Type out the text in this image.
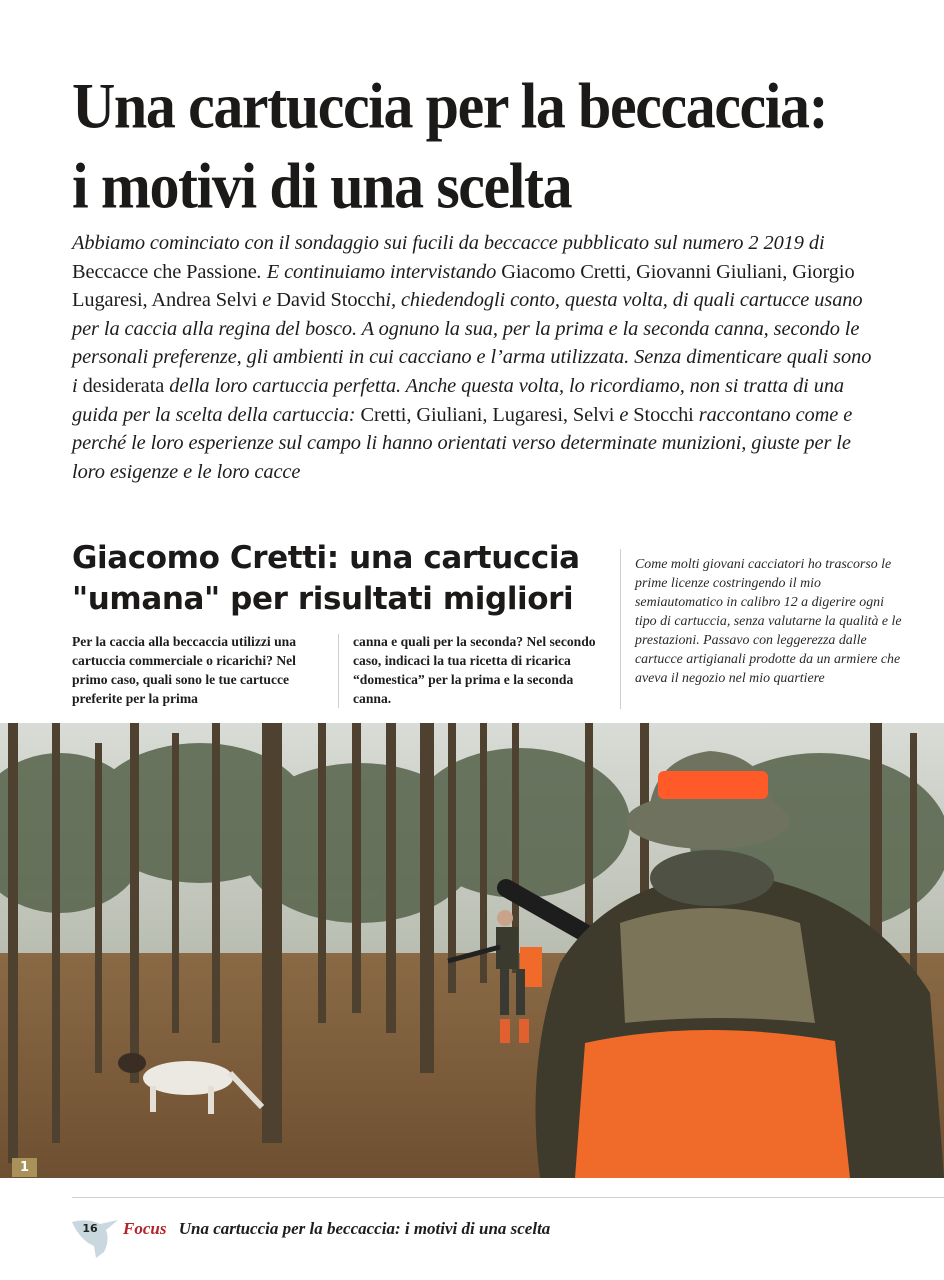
Una cartuccia per la beccaccia:
i motivi di una scelta

Abbiamo cominciato con il sondaggio sui fucili da beccacce pubblicato sul numero 2 2019 di Beccacce che Passione. E continuiamo intervistando Giacomo Cretti, Giovanni Giuliani, Giorgio Lugaresi, Andrea Selvi e David Stocchi, chiedendogli conto, questa volta, di quali cartucce usano per la caccia alla regina del bosco. A ognuno la sua, per la prima e la seconda canna, secondo le personali preferenze, gli ambienti in cui cacciano e l’arma utilizzata. Senza dimenticare quali sono i desiderata della loro cartuccia perfetta. Anche questa volta, lo ricordiamo, non si tratta di una guida per la scelta della cartuccia: Cretti, Giuliani, Lugaresi, Selvi e Stocchi raccontano come e perché le loro esperienze sul campo li hanno orientati verso determinate munizioni, giuste per le loro esigenze e le loro cacce

Giacomo Cretti: una cartuccia
"umana" per risultati migliori

Per la caccia alla beccaccia utilizzi una cartuccia commerciale o ricarichi? Nel primo caso, quali sono le tue cartucce preferite per la prima

canna e quali per la seconda? Nel secondo caso, indicaci la tua ricetta di ricarica “domestica” per la prima e la seconda canna.

Come molti giovani cacciatori ho trascorso le prime licenze costringendo il mio semiautomatico in calibro 12 a digerire ogni tipo di cartuccia, senza valutarne la qualità e le prestazioni. Passavo con leggerezza dalle cartucce artigianali prodotte da un armiere che aveva il negozio nel mio quartiere

1
16 Focus Una cartuccia per la beccaccia: i motivi di una scelta
